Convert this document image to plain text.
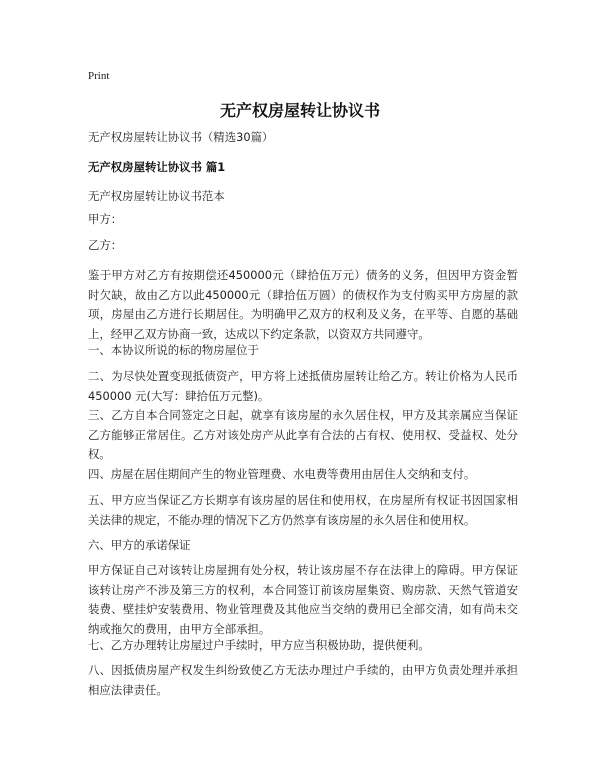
Print
无产权房屋转让协议书

无产权房屋转让协议书（精选30篇）

无产权房屋转让协议书 篇1

无产权房屋转让协议书范本

甲方：

乙方：

鉴于甲方对乙方有按期偿还450000元（肆拾伍万元）债务的义务，但因甲方资金暂时欠缺，故由乙方以此450000元（肆拾伍万圆）的债权作为支付购买甲方房屋的款项，房屋由乙方进行长期居住。为明确甲乙双方的权利及义务，在平等、自愿的基础上，经甲乙双方协商一致，达成以下约定条款，以资双方共同遵守。

一、本协议所说的标的物房屋位于

二、为尽快处置变现抵债资产，甲方将上述抵债房屋转让给乙方。转让价格为人民币450000 元(大写：肆拾伍万元整)。

三、乙方自本合同签定之日起，就享有该房屋的永久居住权，甲方及其亲属应当保证乙方能够正常居住。乙方对该处房产从此享有合法的占有权、使用权、受益权、处分权。

四、房屋在居住期间产生的物业管理费、水电费等费用由居住人交纳和支付。

五、甲方应当保证乙方长期享有该房屋的居住和使用权，在房屋所有权证书因国家相关法律的规定，不能办理的情况下乙方仍然享有该房屋的永久居住和使用权。

六、甲方的承诺保证

甲方保证自己对该转让房屋拥有处分权，转让该房屋不存在法律上的障碍。甲方保证该转让房产不涉及第三方的权利，本合同签订前该房屋集资、购房款、天然气管道安装费、壁挂炉安装费用、物业管理费及其他应当交纳的费用已全部交清，如有尚未交纳或拖欠的费用，由甲方全部承担。

七、乙方办理转让房屋过户手续时，甲方应当积极协助，提供便利。

八、因抵债房屋产权发生纠纷致使乙方无法办理过户手续的，由甲方负责处理并承担相应法律责任。
